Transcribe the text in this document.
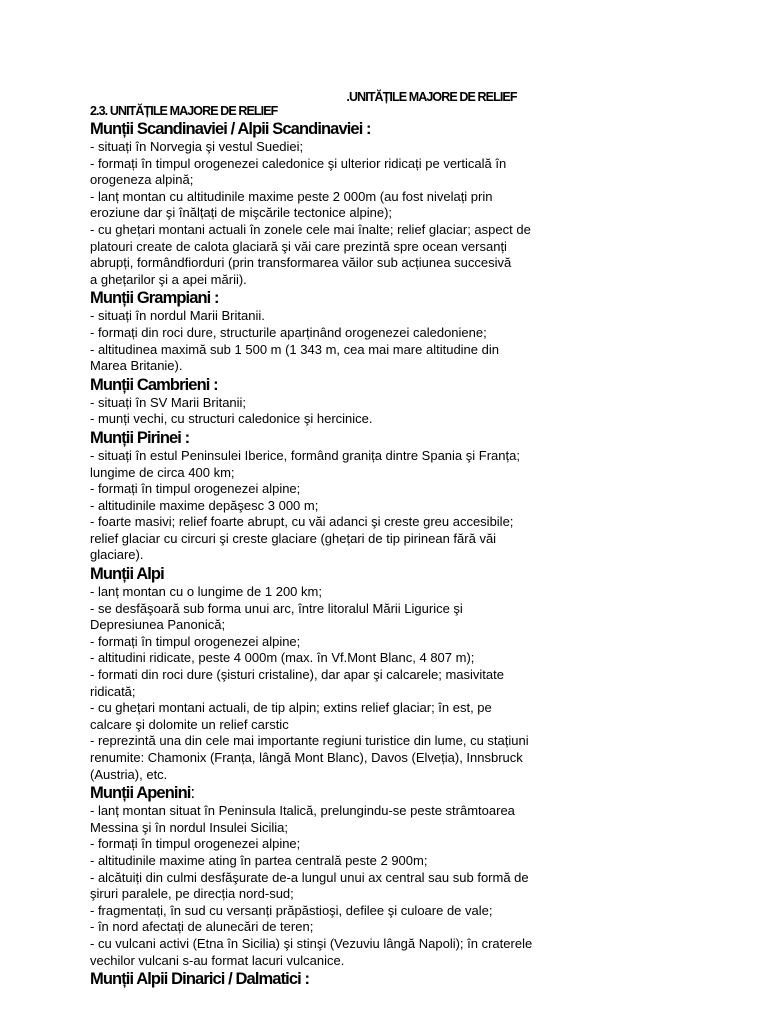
.UNITĂȚILE MAJORE DE RELIEF
2.3. UNITĂȚILE MAJORE DE RELIEF
Munții Scandinaviei / Alpii Scandinaviei :
- situați în Norvegia şi vestul Suediei;
- formați în timpul orogenezei caledonice şi ulterior ridicați pe verticală în
orogeneza alpină;
- lanț montan cu altitudinile maxime peste 2 000m (au fost nivelați prin
eroziune dar şi înălțați de mişcările tectonice alpine);
- cu ghețari montani actuali în zonele cele mai înalte; relief glaciar; aspect de
platouri create de calota glaciară şi văi care prezintă spre ocean versanți
abrupți, formândfiorduri (prin transformarea văilor sub acțiunea succesivă
a ghețarilor şi a apei mării).
Munții Grampiani :
- situați în nordul Marii Britanii.
- formați din roci dure, structurile aparținând orogenezei caledoniene;
- altitudinea maximă sub 1 500 m (1 343 m, cea mai mare altitudine din
Marea Britanie).
Munții Cambrieni :
- situați în SV Marii Britanii;
- munți vechi, cu structuri caledonice şi hercinice.
Munții Pirinei :
- situați în estul Peninsulei Iberice, formând granița dintre Spania şi Franța;
lungime de circa 400 km;
- formați în timpul orogenezei alpine;
- altitudinile maxime depăşesc 3 000 m;
- foarte masivi; relief foarte abrupt, cu văi adanci şi creste greu accesibile;
relief glaciar cu circuri şi creste glaciare (ghețari de tip pirinean fără văi
glaciare).
Munții Alpi
- lanț montan cu o lungime de 1 200 km;
- se desfăşoară sub forma unui arc, între litoralul Mării Ligurice şi
Depresiunea Panonică;
- formați în timpul orogenezei alpine;
- altitudini ridicate, peste 4 000m (max. în Vf.Mont Blanc, 4 807 m);
- formati din roci dure (şisturi cristaline), dar apar şi calcarele; masivitate
ridicată;
- cu ghețari montani actuali, de tip alpin; extins relief glaciar; în est, pe
calcare şi dolomite un relief carstic
- reprezintă una din cele mai importante regiuni turistice din lume, cu stațiuni
renumite: Chamonix (Franța, lângă Mont Blanc), Davos (Elveția), Innsbruck
(Austria), etc.
Munții Apenini:
- lanț montan situat în Peninsula Italică, prelungindu-se peste strâmtoarea
Messina şi în nordul Insulei Sicilia;
- formați în timpul orogenezei alpine;
- altitudinile maxime ating în partea centrală peste 2 900m;
- alcătuiți din culmi desfăşurate de-a lungul unui ax central sau sub formă de
şiruri paralele, pe direcția nord-sud;
- fragmentați, în sud cu versanți prăpăstioşi, defilee şi culoare de vale;
- în nord afectați de alunecări de teren;
- cu vulcani activi (Etna în Sicilia) şi stinşi (Vezuviu lângă Napoli); în craterele
vechilor vulcani s-au format lacuri vulcanice.
Munții Alpii Dinarici / Dalmatici :
